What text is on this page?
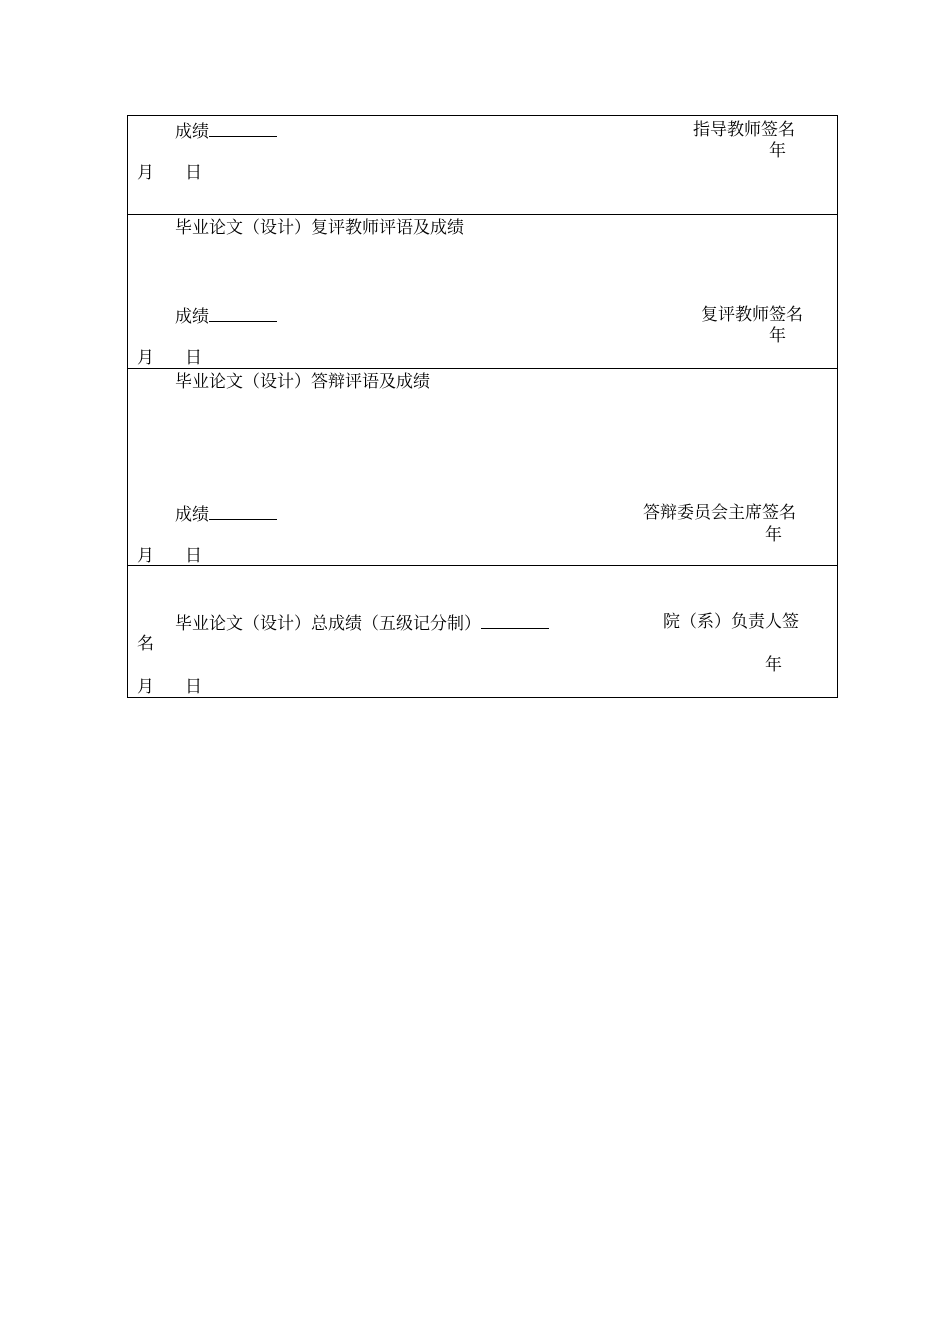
成绩	指导教师签名
年
月 日
毕业论文（设计）复评教师评语及成绩
成绩	复评教师签名
年
月 日
毕业论文（设计）答辩评语及成绩
成绩	答辩委员会主席签名
年
月 日
毕业论文（设计）总成绩（五级记分制）	院（系）负责人签
名
年
月 日
